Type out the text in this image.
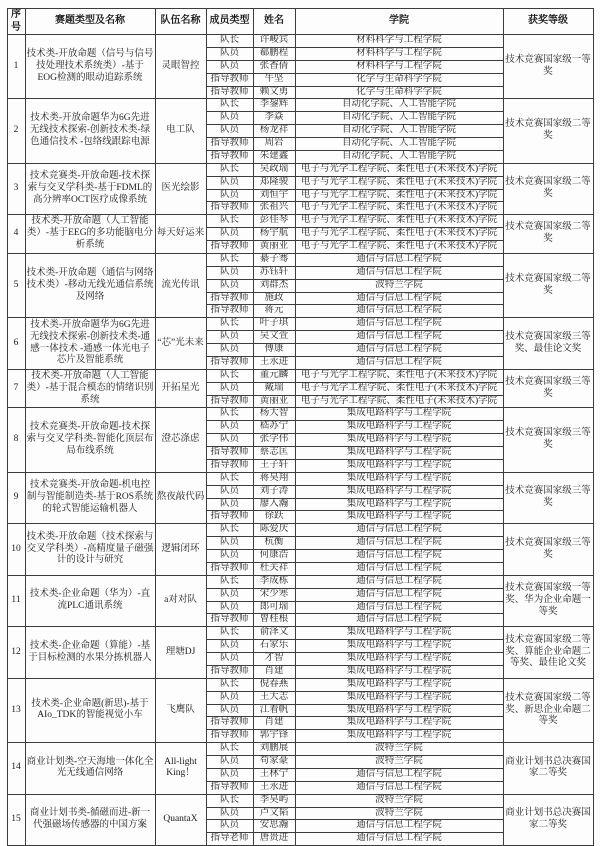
序号	赛题类型及名称	队伍名称	成员类型	姓名	学院	获奖等级
1	技术类-开放命题（信号与信号技处理技术系统类）-基于EOG检测的眼动追踪系统	灵眼智控	队长	许峻宾	材料科学与工程学院	技术竞赛国家级一等奖
			队员	郗鹏程	材料科学与工程学院	
			队员	张香倩	材料科学与工程学院	
			指导教师	牛坚	化学与生命科学学院	
			指导教师	赖文勇	化学与生命科学学院	
2	技术类-开放命题华为6G先进无线技术探索-创新技术类-绿色通信技术 -包络线跟踪电源	电工队	队长	李鋆辉	自动化学院、人工智能学院	技术竞赛国家级二等奖
			队员	李焱	自动化学院、人工智能学院	
			队员	杨龙祥	自动化学院、人工智能学院	
			指导教师	周岩	自动化学院、人工智能学院	
			指导教师	朱建鑫	自动化学院、人工智能学院	
3	技术竞赛类-开放命题-技术探索与交叉学科类-基于FDML的高分辨率OCT医疗成像系统	医光绘影	队长	吴政瑞	电子与光学工程学院、柔性电子(未来技术)学院	技术竞赛国家级二等奖
			队员	郑隆骏	电子与光学工程学院、柔性电子(未来技术)学院	
			队员	刘恒宇	电子与光学工程学院、柔性电子(未来技术)学院	
			指导教师	张祖兴	电子与光学工程学院、柔性电子(未来技术)学院	
4	技术类-开放命题（人工智能类）-基于EEG的多功能脑电分析系统	每天好运来	队长	彭佳琴	电子与光学工程学院、柔性电子(未来技术)学院	技术竞赛国家级二等奖
			队员	杨宇航	电子与光学工程学院、柔性电子(未来技术)学院	
			指导教师	黄丽亚	电子与光学工程学院、柔性电子(未来技术)学院	
5	技术类-开放命题（通信与网络技术类）-移动无线光通信系统及网络	流光传讯	队长	綦子骞	通信与信息工程学院	技术竞赛国家级二等奖
			队员	苏钰轩	通信与信息工程学院	
			队员	刘群杰	波特兰学院	
			指导教师	施政	通信与信息工程学院	
			指导教师	蒋元	通信与信息工程学院	
6	技术类-开放命题华为6G先进无线技术探索-创新技术类-通感一体技术 -通感一体光电子芯片及智能系统	“芯”光未来	队长	叶子琪	通信与信息工程学院	技术竞赛国家级三等奖、最佳论文奖
			队员	吴文萱	通信与信息工程学院	
			队员	傅康	通信与信息工程学院	
			指导教师	王永进	通信与信息工程学院	
7	技术类-开放命题（人工智能类）-基于混合模态的情绪识别系统	开拓星光	队长	董元麟	电子与光学工程学院、柔性电子(未来技术)学院	技术竞赛国家级三等奖
			队员	戴瑞	电子与光学工程学院、柔性电子(未来技术)学院	
			指导教师	黄丽亚	电子与光学工程学院、柔性电子(未来技术)学院	
8	技术竞赛类-开放命题-技术探索与交叉学科类-智能化顶层布局布线系统	澄芯涤虑	队长	杨大智	集成电路科学与工程学院	技术竞赛国家级三等奖
			队员	嵇苏宁	集成电路科学与工程学院	
			队员	张学伟	集成电路科学与工程学院	
			指导教师	蔡志匡	集成电路科学与工程学院	
			指导教师	王子轩	集成电路科学与工程学院	
9	技术竞赛类-开放命题-机电控制与智能制造类-基于ROS系统的轮式智能运输机器人	熬夜敲代码	队长	蒋昊翔	集成电路科学与工程学院	技术竞赛国家级三等奖
			队员	刘子涛	集成电路科学与工程学院	
			队员	廖入瀚	集成电路科学与工程学院	
			指导教师	徐跃	集成电路科学与工程学院	
10	技术类-开放命题（技术探索与交叉学科类）-高精度量子磁强计的设计与研究	逻辑闭环	队长	陈爱庆	通信与信息工程学院	技术竞赛国家级三等奖
			队员	杭衡	通信与信息工程学院	
			队员	何康浩	通信与信息工程学院	
			指导教师	杜关祥	通信与信息工程学院	
11	技术类-企业命题（华为）-直流PLC通讯系统	a对对队	队长	李成栋	通信与信息工程学院	技术竞赛国家级一等奖、华为企业命题一等奖
			队员	宋少寒	通信与信息工程学院	
			队员	郎可瑞	通信与信息工程学院	
			指导教师	曾桂根	通信与信息工程学院	
12	技术类-企业命题（算能）-基于目标检测的水果分拣机器人	理塘DJ	队长	俞泽文	集成电路科学与工程学院	技术竞赛国家级二等奖、算能企业命题二等奖、最佳论文奖
			队员	石家乐	集成电路科学与工程学院	
			队员	才智	集成电路科学与工程学院	
			指导教师	肖建	集成电路科学与工程学院	
13	技术类-企业命题(新思)-基于AIo_TDK的智能视觉小车	飞鹰队	队长	倪春燕	集成电路科学与工程学院	技术竞赛国家级二等奖、新思企业命题二等奖
			队员	王大志	集成电路科学与工程学院	
			队员	江着帆	集成电路科学与工程学院	
			指导教师	肖建	集成电路科学与工程学院	
			指导教师	郭宇锋	集成电路科学与工程学院	
14	商业计划类-空天海地一体化全光无线通信网络	All-light King！	队长	刘鹏展	波特兰学院	商业计划书总决赛国家二等奖
			队员	苟家豪	波特兰学院	
			队员	王林宁	通信与信息工程学院	
			指导教师	王永进	通信与信息工程学院	
15	商业计划书类-循磁而进-新一代强磁场传感器的中国方案	QuantaX	队长	李昊屿	波特兰学院	商业计划书总决赛国家二等奖
			队员	卢文韬	波特兰学院	
			队员	安思瀚	通信与信息工程学院	
			指导老师	唐贵进	通信与信息工程学院	
